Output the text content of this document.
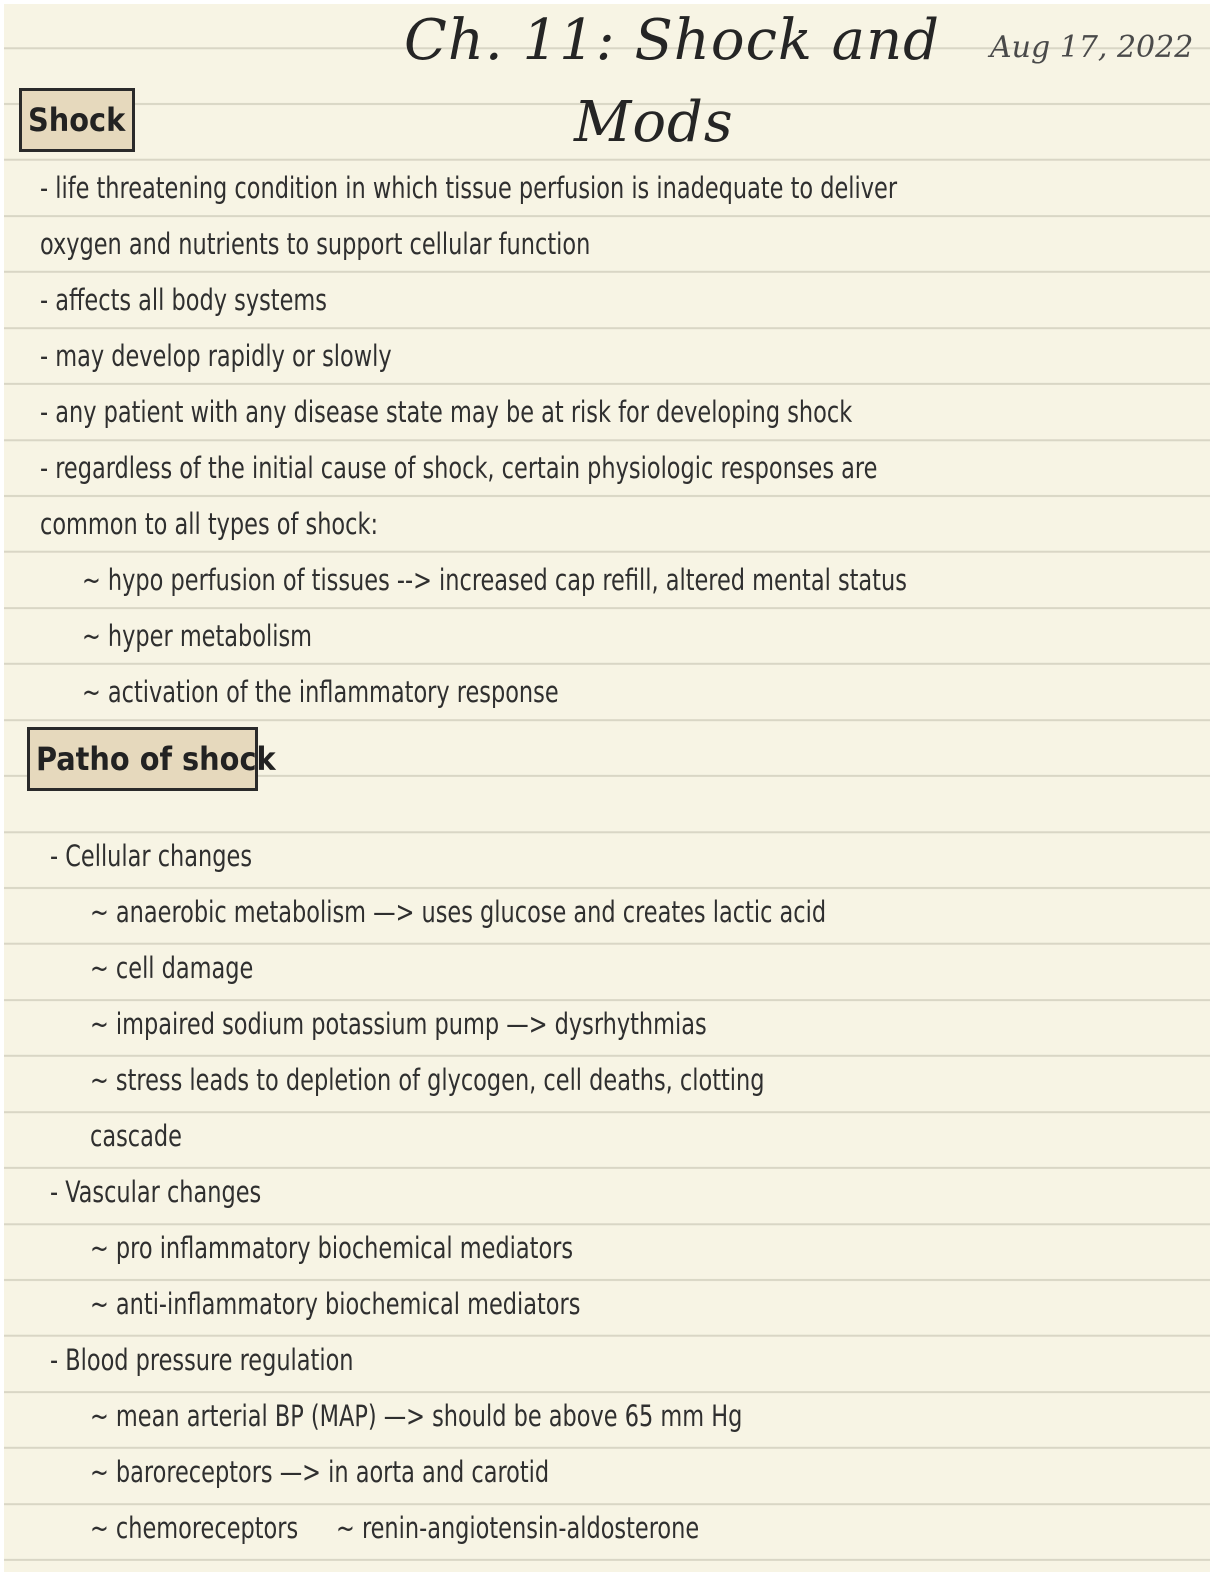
Ch. 11: Shock and
Mods
Aug 17, 2022
Shock
- life threatening condition in which tissue perfusion is inadequate to deliver
oxygen and nutrients to support cellular function
- affects all body systems
- may develop rapidly or slowly
- any patient with any disease state may be at risk for developing shock
- regardless of the initial cause of shock, certain physiologic responses are
common to all types of shock:
~ hypo perfusion of tissues --> increased cap refill, altered mental status
~ hyper metabolism
~ activation of the inflammatory response
Patho of shock
- Cellular changes
~ anaerobic metabolism —> uses glucose and creates lactic acid
~ cell damage
~ impaired sodium potassium pump —> dysrhythmias
~ stress leads to depletion of glycogen, cell deaths, clotting
cascade
- Vascular changes
~ pro inflammatory biochemical mediators
~ anti-inflammatory biochemical mediators
- Blood pressure regulation
~ mean arterial BP (MAP) —> should be above 65 mm Hg
~ baroreceptors —> in aorta and carotid
~ chemoreceptors ~ renin-angiotensin-aldosterone
